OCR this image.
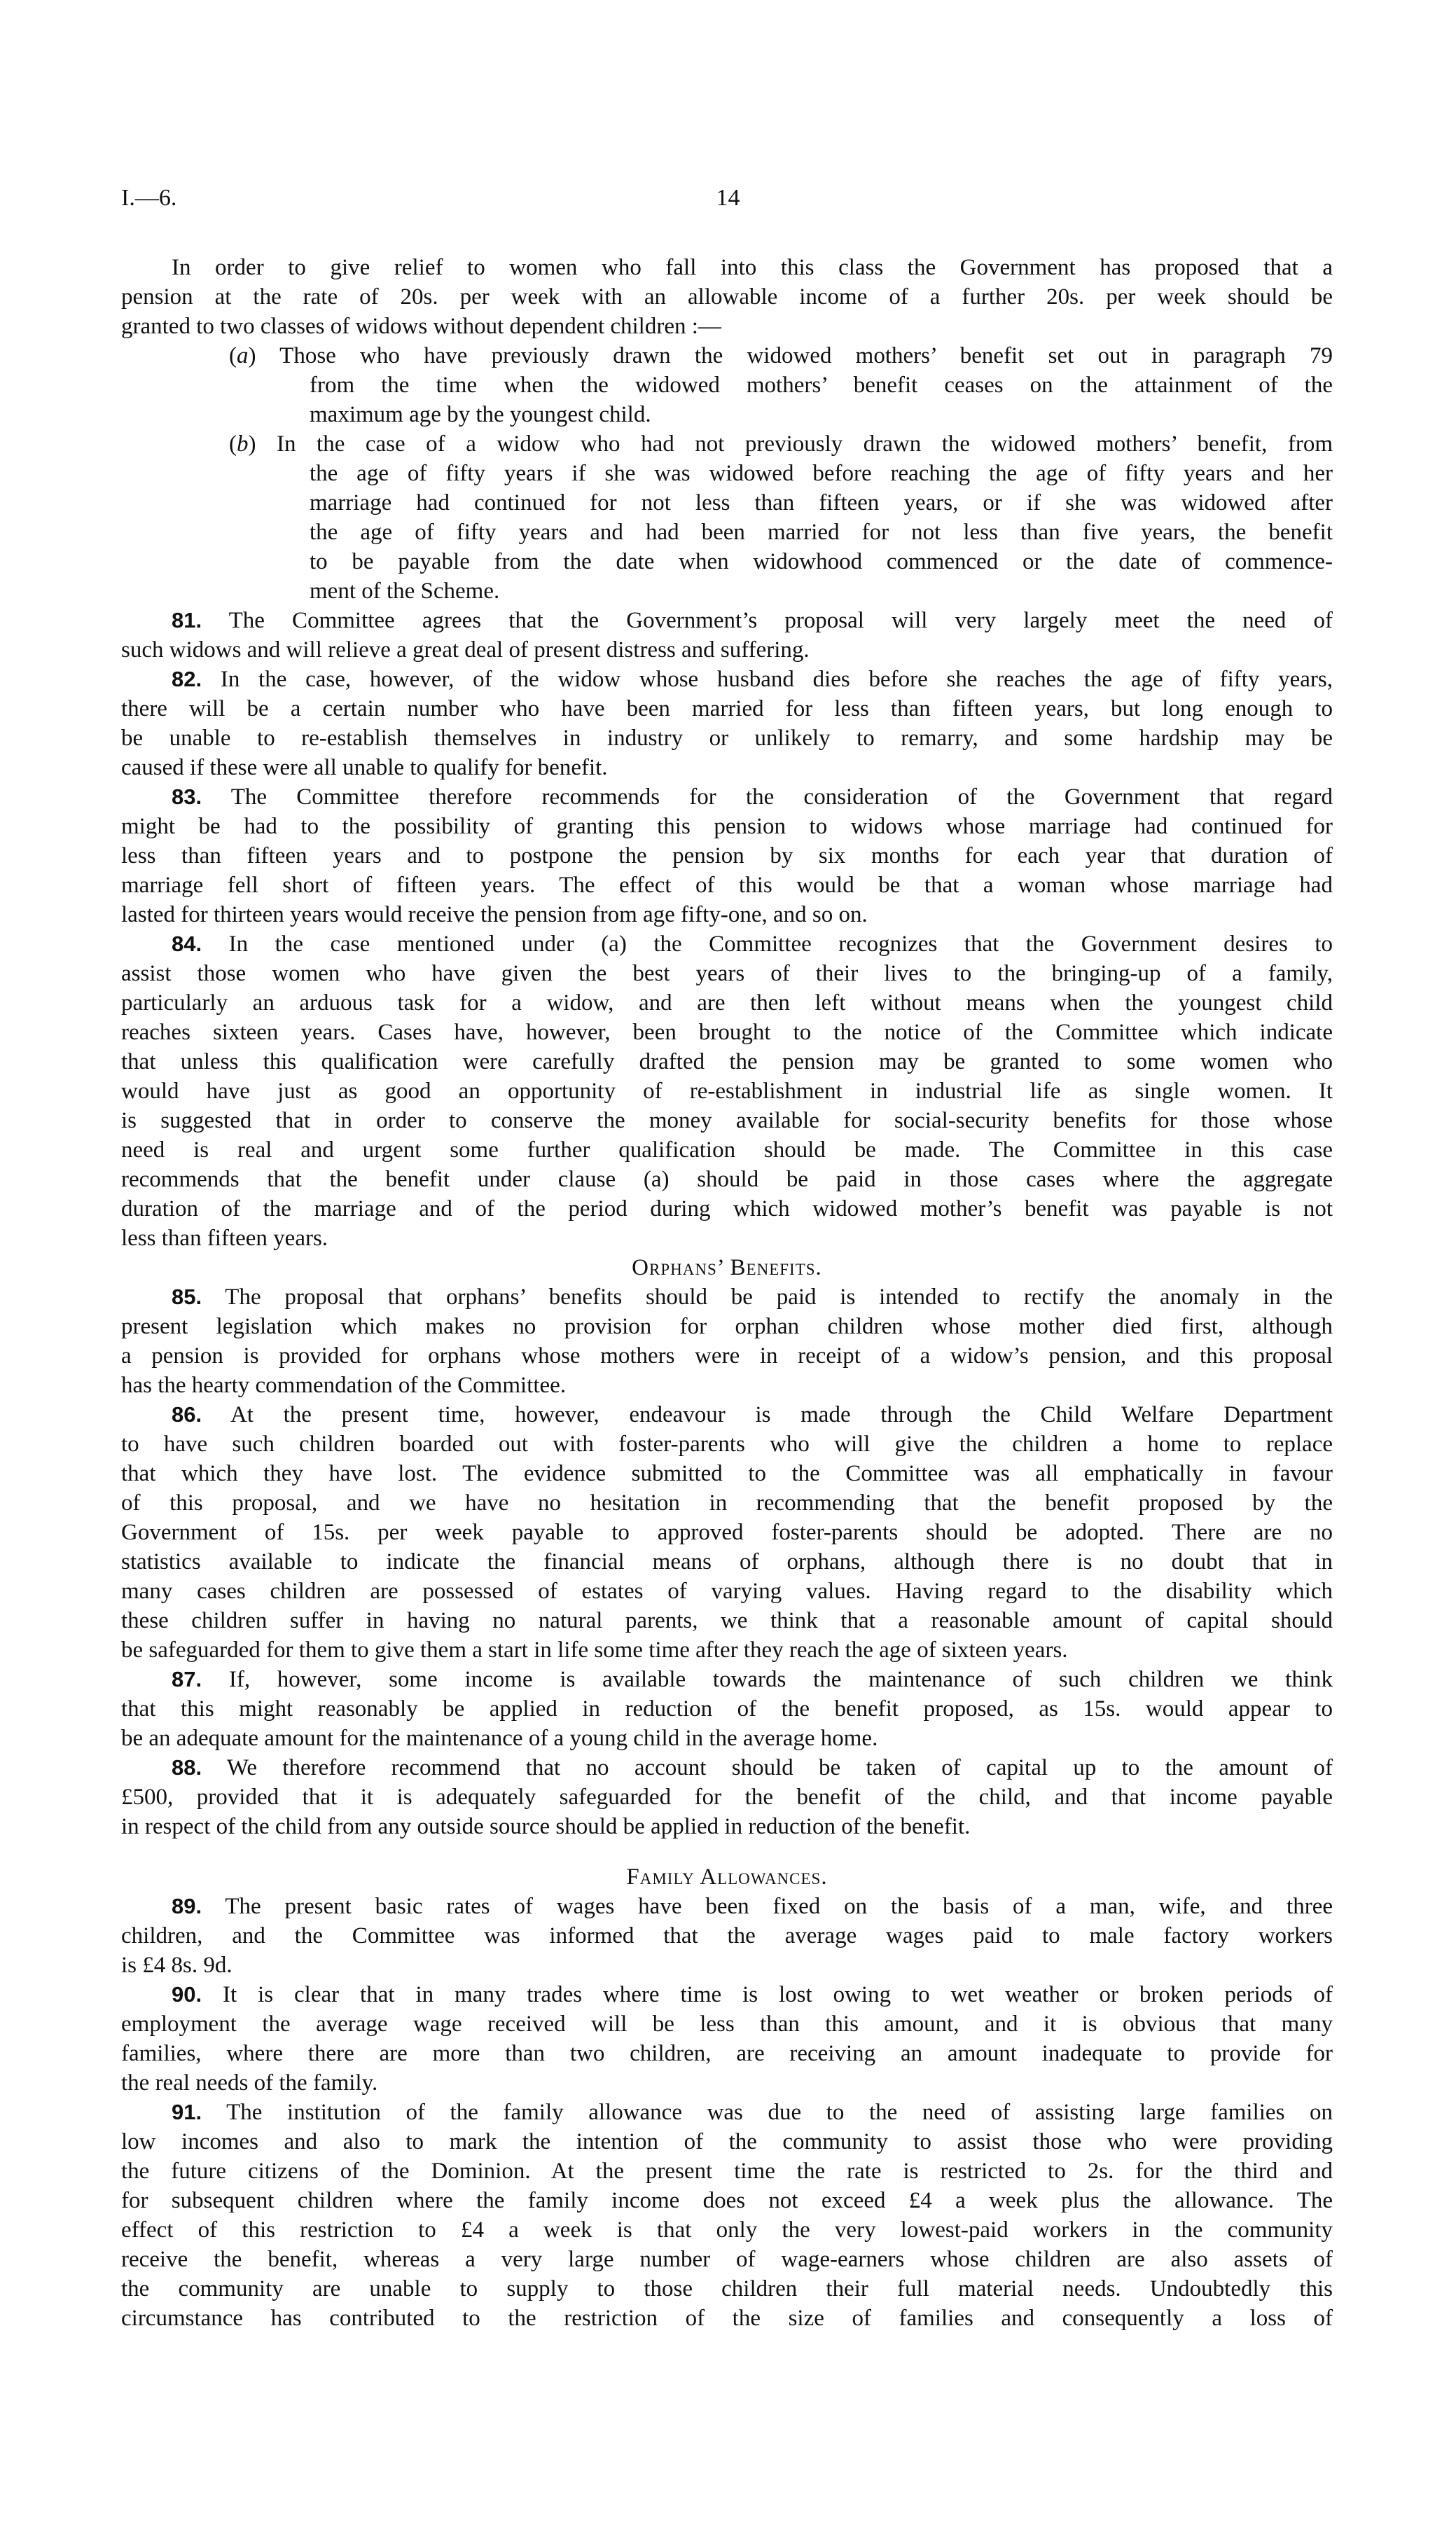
I.—6.	14
In order to give relief to women who fall into this class the Government has proposed that a
pension at the rate of 20s. per week with an allowable income of a further 20s. per week should be
granted to two classes of widows without dependent children :—
(a) Those who have previously drawn the widowed mothers’ benefit set out in paragraph 79
from the time when the widowed mothers’ benefit ceases on the attainment of the
maximum age by the youngest child.
(b) In the case of a widow who had not previously drawn the widowed mothers’ benefit, from
the age of fifty years if she was widowed before reaching the age of fifty years and her
marriage had continued for not less than fifteen years, or if she was widowed after
the age of fifty years and had been married for not less than five years, the benefit
to be payable from the date when widowhood commenced or the date of commence-
ment of the Scheme.
81. The Committee agrees that the Government’s proposal will very largely meet the need of
such widows and will relieve a great deal of present distress and suffering.
82. In the case, however, of the widow whose husband dies before she reaches the age of fifty years,
there will be a certain number who have been married for less than fifteen years, but long enough to
be unable to re-establish themselves in industry or unlikely to remarry, and some hardship may be
caused if these were all unable to qualify for benefit.
83. The Committee therefore recommends for the consideration of the Government that regard
might be had to the possibility of granting this pension to widows whose marriage had continued for
less than fifteen years and to postpone the pension by six months for each year that duration of
marriage fell short of fifteen years. The effect of this would be that a woman whose marriage had
lasted for thirteen years would receive the pension from age fifty-one, and so on.
84. In the case mentioned under (a) the Committee recognizes that the Government desires to
assist those women who have given the best years of their lives to the bringing-up of a family,
particularly an arduous task for a widow, and are then left without means when the youngest child
reaches sixteen years. Cases have, however, been brought to the notice of the Committee which indicate
that unless this qualification were carefully drafted the pension may be granted to some women who
would have just as good an opportunity of re-establishment in industrial life as single women. It
is suggested that in order to conserve the money available for social-security benefits for those whose
need is real and urgent some further qualification should be made. The Committee in this case
recommends that the benefit under clause (a) should be paid in those cases where the aggregate
duration of the marriage and of the period during which widowed mother’s benefit was payable is not
less than fifteen years.
Orphans’ Benefits.
85. The proposal that orphans’ benefits should be paid is intended to rectify the anomaly in the
present legislation which makes no provision for orphan children whose mother died first, although
a pension is provided for orphans whose mothers were in receipt of a widow’s pension, and this proposal
has the hearty commendation of the Committee.
86. At the present time, however, endeavour is made through the Child Welfare Department
to have such children boarded out with foster-parents who will give the children a home to replace
that which they have lost. The evidence submitted to the Committee was all emphatically in favour
of this proposal, and we have no hesitation in recommending that the benefit proposed by the
Government of 15s. per week payable to approved foster-parents should be adopted. There are no
statistics available to indicate the financial means of orphans, although there is no doubt that in
many cases children are possessed of estates of varying values. Having regard to the disability which
these children suffer in having no natural parents, we think that a reasonable amount of capital should
be safeguarded for them to give them a start in life some time after they reach the age of sixteen years.
87. If, however, some income is available towards the maintenance of such children we think
that this might reasonably be applied in reduction of the benefit proposed, as 15s. would appear to
be an adequate amount for the maintenance of a young child in the average home.
88. We therefore recommend that no account should be taken of capital up to the amount of
£500, provided that it is adequately safeguarded for the benefit of the child, and that income payable
in respect of the child from any outside source should be applied in reduction of the benefit.
Family Allowances.
89. The present basic rates of wages have been fixed on the basis of a man, wife, and three
children, and the Committee was informed that the average wages paid to male factory workers
is £4 8s. 9d.
90. It is clear that in many trades where time is lost owing to wet weather or broken periods of
employment the average wage received will be less than this amount, and it is obvious that many
families, where there are more than two children, are receiving an amount inadequate to provide for
the real needs of the family.
91. The institution of the family allowance was due to the need of assisting large families on
low incomes and also to mark the intention of the community to assist those who were providing
the future citizens of the Dominion. At the present time the rate is restricted to 2s. for the third and
for subsequent children where the family income does not exceed £4 a week plus the allowance. The
effect of this restriction to £4 a week is that only the very lowest-paid workers in the community
receive the benefit, whereas a very large number of wage-earners whose children are also assets of
the community are unable to supply to those children their full material needs. Undoubtedly this
circumstance has contributed to the restriction of the size of families and consequently a loss of
